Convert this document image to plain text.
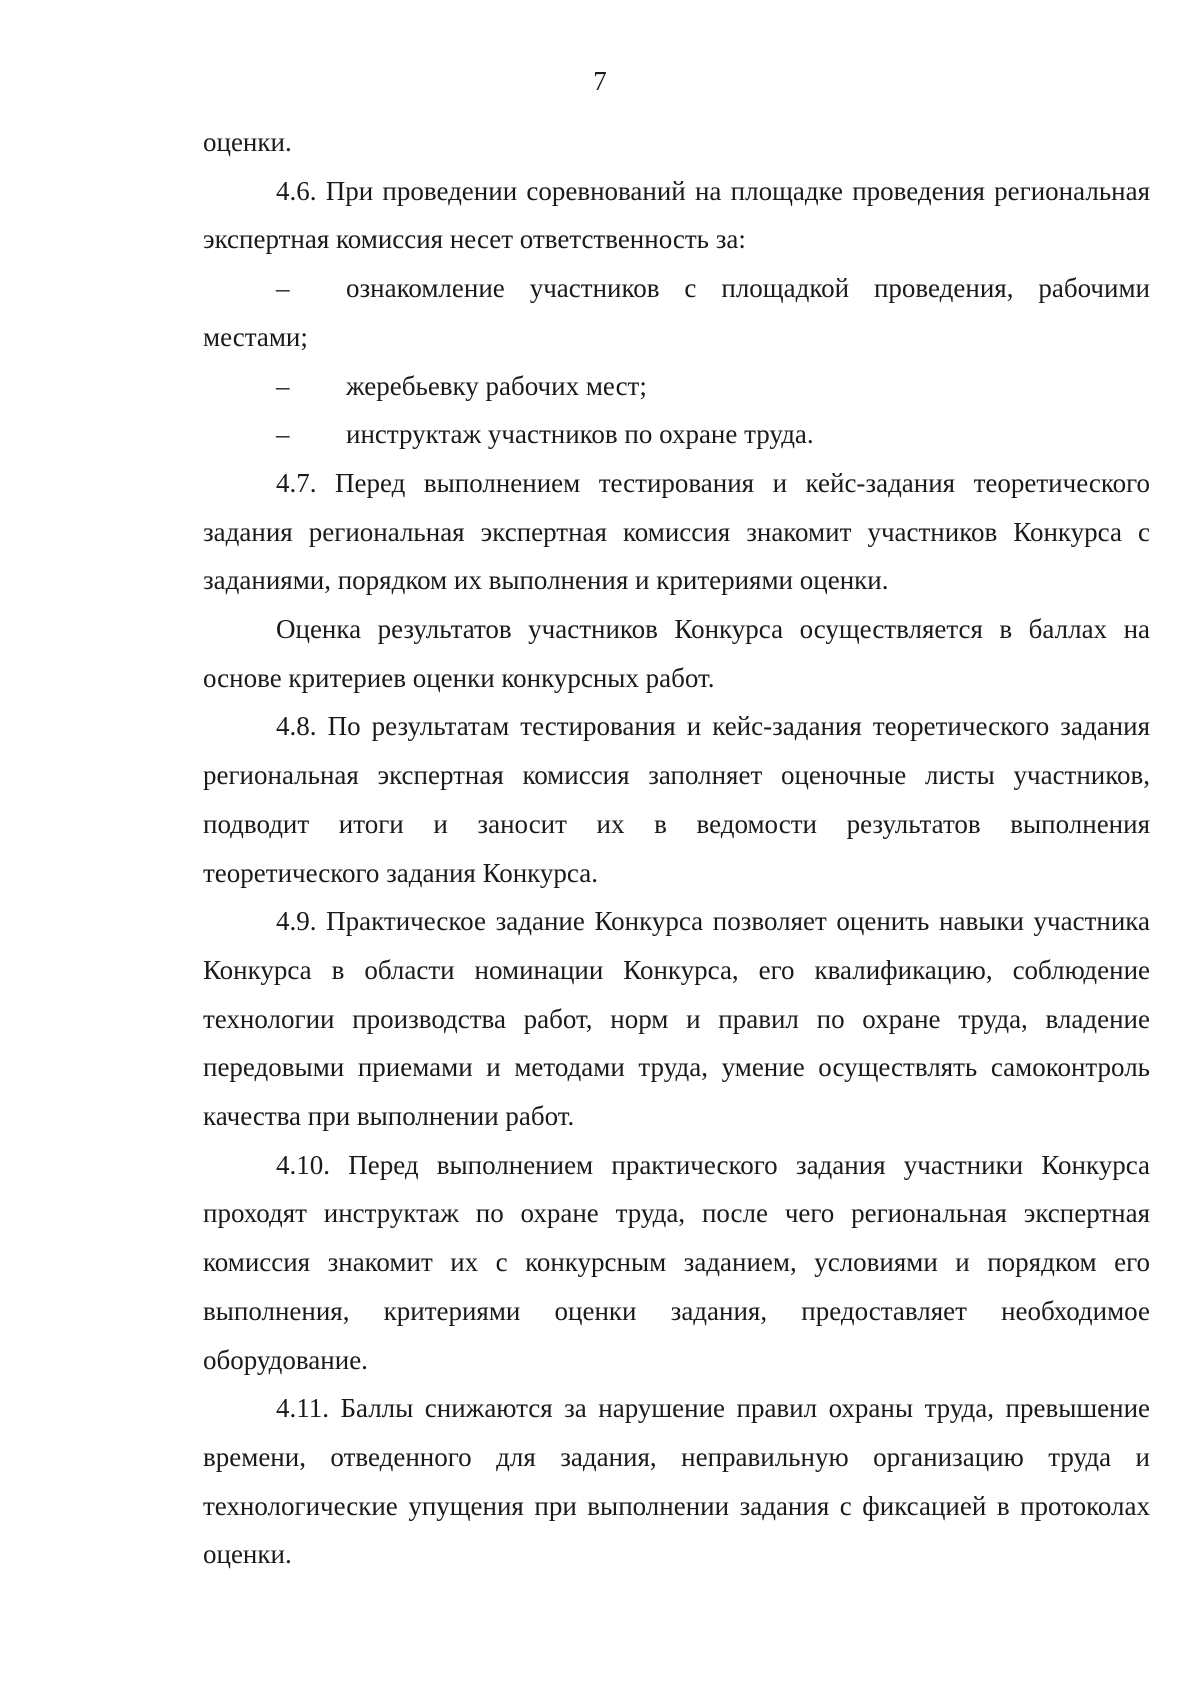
7

оценки.

4.6. При проведении соревнований на площадке проведения региональная экспертная комиссия несет ответственность за:

– ознакомление участников с площадкой проведения, рабочими местами;

– жеребьевку рабочих мест;

– инструктаж участников по охране труда.

4.7. Перед выполнением тестирования и кейс-задания теоретического задания региональная экспертная комиссия знакомит участников Конкурса с заданиями, порядком их выполнения и критериями оценки.

Оценка результатов участников Конкурса осуществляется в баллах на основе критериев оценки конкурсных работ.

4.8. По результатам тестирования и кейс-задания теоретического задания региональная экспертная комиссия заполняет оценочные листы участников, подводит итоги и заносит их в ведомости результатов выполнения теоретического задания Конкурса.

4.9. Практическое задание Конкурса позволяет оценить навыки участника Конкурса в области номинации Конкурса, его квалификацию, соблюдение технологии производства работ, норм и правил по охране труда, владение передовыми приемами и методами труда, умение осуществлять самоконтроль качества при выполнении работ.

4.10. Перед выполнением практического задания участники Конкурса проходят инструктаж по охране труда, после чего региональная экспертная комиссия знакомит их с конкурсным заданием, условиями и порядком его выполнения, критериями оценки задания, предоставляет необходимое оборудование.

4.11. Баллы снижаются за нарушение правил охраны труда, превышение времени, отведенного для задания, неправильную организацию труда и технологические упущения при выполнении задания с фиксацией в протоколах оценки.
